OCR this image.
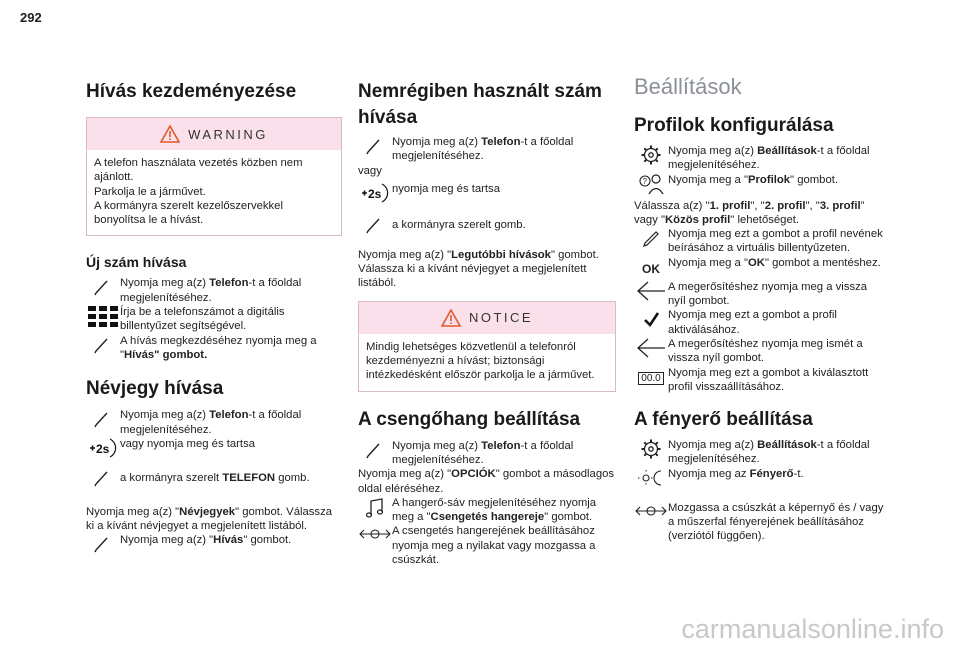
292
Hívás kezdeményezése
WARNING
A telefon használata vezetés közben nem ajánlott.
Parkolja le a járművet.
A kormányra szerelt kezelőszervekkel bonyolítsa le a hívást.
Új szám hívása
Nyomja meg a(z) Telefon-t a főoldal megjelenítéséhez.
Írja be a telefonszámot a digitális billentyűzet segítségével.
A hívás megkezdéséhez nyomja meg a "Hívás" gombot.
Névjegy hívása
Nyomja meg a(z) Telefon-t a főoldal megjelenítéséhez.
2s vagy nyomja meg és tartsa
a kormányra szerelt TELEFON gomb.

Nyomja meg a(z) "Névjegyek" gombot. Válassza ki a kívánt névjegyet a megjelenített listából.

Nyomja meg a(z) "Hívás" gombot.
Nemrégiben használt szám
hívása
Nyomja meg a(z) Telefon-t a főoldal megjelenítéséhez.

vagy

2s nyomja meg és tartsa
a kormányra szerelt gomb.

Nyomja meg a(z) "Legutóbbi hívások" gombot. Válassza ki a kívánt névjegyet a megjelenített listából.

NOTICE
Mindig lehetséges közvetlenül a telefonról kezdeményezni a hívást; biztonsági intézkedésként először parkolja le a járművet.
A csengőhang beállítása
Nyomja meg a(z) Telefon-t a főoldal megjelenítéséhez.

Nyomja meg a(z) "OPCIÓK" gombot a másodlagos oldal eléréséhez.

A hangerő-sáv megjelenítéséhez nyomja meg a "Csengetés hangereje" gombot.
A csengetés hangerejének beállításához nyomja meg a nyilakat vagy mozgassa a csúszkát.
Beállítások
Profilok konfigurálása
Nyomja meg a(z) Beállítások-t a főoldal megjelenítéséhez.
? Nyomja meg a "Profilok" gombot.

Válassza a(z) "1. profil", "2. profil", "3. profil” vagy "Közös profil" lehetőséget.

Nyomja meg ezt a gombot a profil nevének beírásához a virtuális billentyűzeten.
OK Nyomja meg a "OK" gombot a mentéshez.
A megerősítéshez nyomja meg a vissza nyíl gombot.
Nyomja meg ezt a gombot a profil aktiválásához.
A megerősítéshez nyomja meg ismét a vissza nyíl gombot.
00.0 Nyomja meg ezt a gombot a kiválasztott profil visszaállításához.
A fényerő beállítása
Nyomja meg a(z) Beállítások-t a főoldal megjelenítéséhez.
Nyomja meg az Fényerő-t.
Mozgassa a csúszkát a képernyő és / vagy a műszerfal fényerejének beállításához (verziótól függően).
carmanualsonline.info
